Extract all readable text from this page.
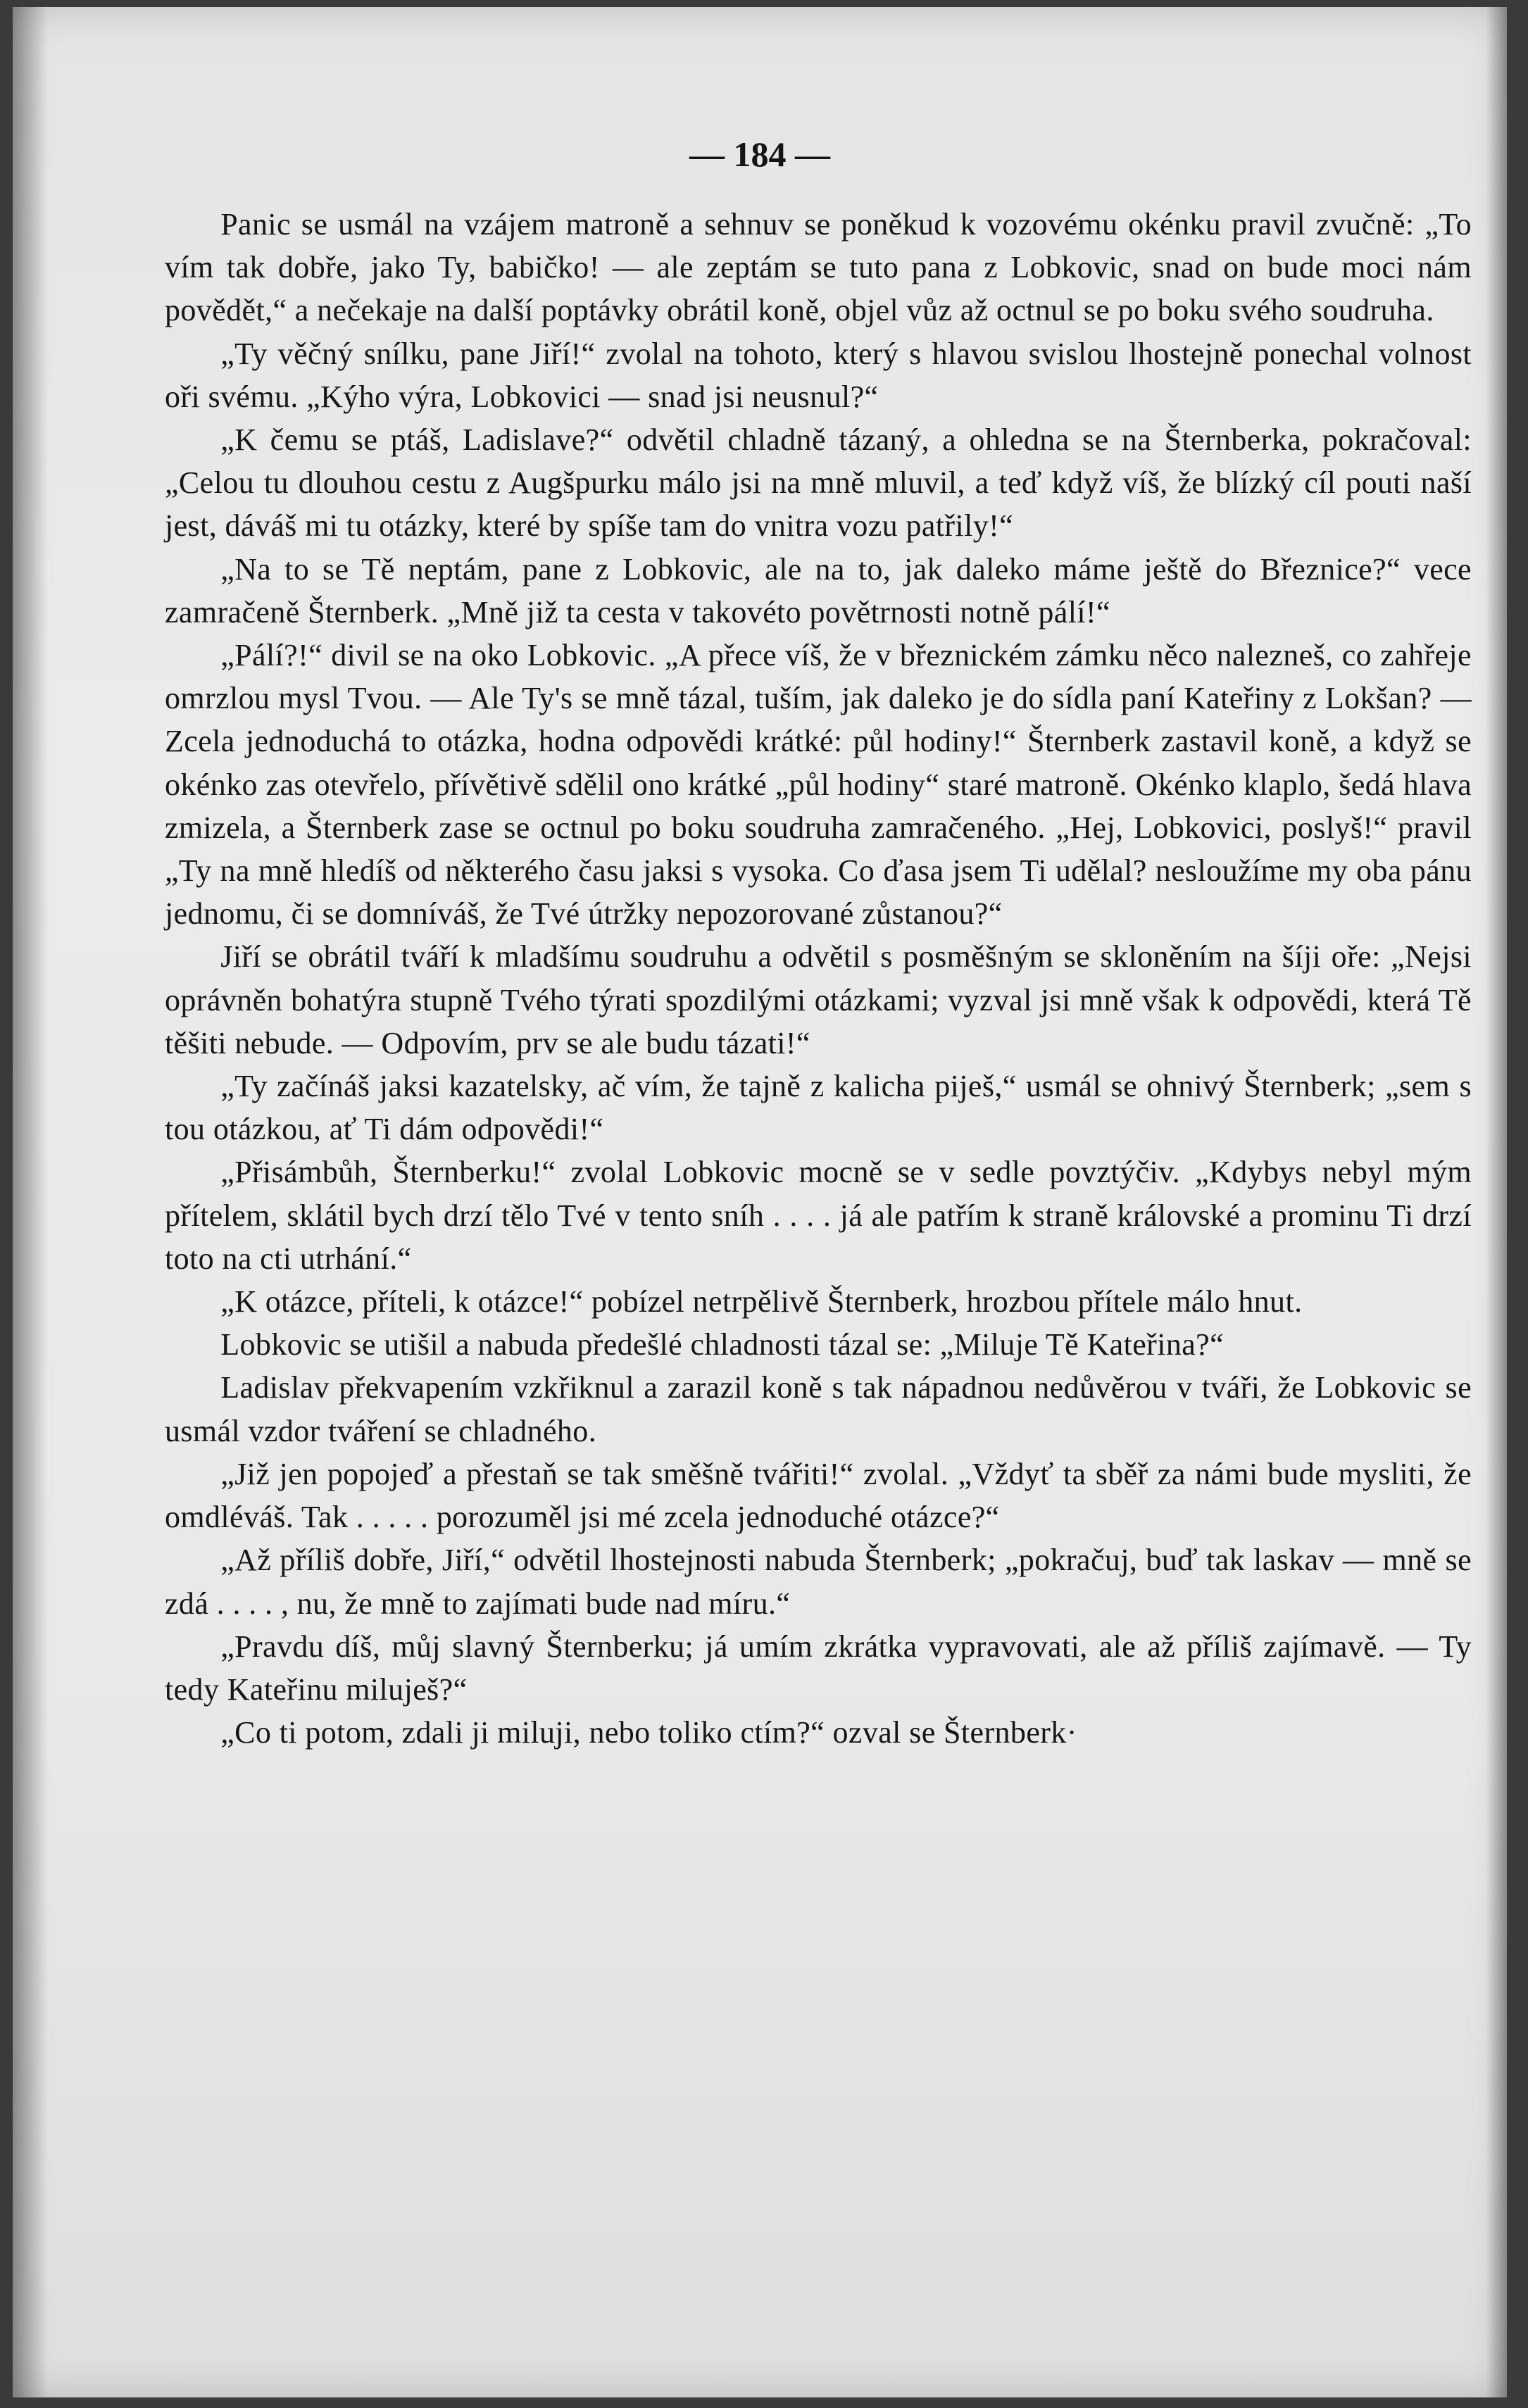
— 184 —

Panic se usmál na vzájem matroně a sehnuv se poněkud k vozovému okénku pravil zvučně: „To vím tak dobře, jako Ty, babičko! — ale zeptám se tuto pana z Lobkovic, snad on bude moci nám povědět,“ a nečekaje na další poptávky obrátil koně, objel vůz až octnul se po boku svého soudruha.

„Ty věčný snílku, pane Jiří!“ zvolal na tohoto, který s hlavou svislou lhostejně ponechal volnost oři svému. „Kýho výra, Lobkovici — snad jsi neusnul?“

„K čemu se ptáš, Ladislave?“ odvětil chladně tázaný, a ohledna se na Šternberka, pokračoval: „Celou tu dlouhou cestu z Augšpurku málo jsi na mně mluvil, a teď když víš, že blízký cíl pouti naší jest, dáváš mi tu otázky, které by spíše tam do vnitra vozu patřily!“

„Na to se Tě neptám, pane z Lobkovic, ale na to, jak daleko máme ještě do Březnice?“ vece zamračeně Šternberk. „Mně již ta cesta v takovéto povětrnosti notně pálí!“

„Pálí?!“ divil se na oko Lobkovic. „A přece víš, že v březnickém zámku něco nalezneš, co zahřeje omrzlou mysl Tvou. — Ale Ty's se mně tázal, tuším, jak daleko je do sídla paní Kateřiny z Lokšan? — Zcela jednoduchá to otázka, hodna odpovědi krátké: půl hodiny!“ Šternberk zastavil koně, a když se okénko zas otevřelo, přívětivě sdělil ono krátké „půl hodiny“ staré matroně. Okénko klaplo, šedá hlava zmizela, a Šternberk zase se octnul po boku soudruha zamračeného. „Hej, Lobkovici, poslyš!“ pravil „Ty na mně hledíš od některého času jaksi s vysoka. Co ďasa jsem Ti udělal? nesloužíme my oba pánu jednomu, či se domníváš, že Tvé útržky nepozorované zůstanou?“

Jiří se obrátil tváří k mladšímu soudruhu a odvětil s posměšným se skloněním na šíji oře: „Nejsi oprávněn bohatýra stupně Tvého týrati spozdilými otázkami; vyzval jsi mně však k odpovědi, která Tě těšiti nebude. — Odpovím, prv se ale budu tázati!“

„Ty začínáš jaksi kazatelsky, ač vím, že tajně z kalicha piješ,“ usmál se ohnivý Šternberk; „sem s tou otázkou, ať Ti dám odpovědi!“

„Přisámbůh, Šternberku!“ zvolal Lobkovic mocně se v sedle povztýčiv. „Kdybys nebyl mým přítelem, sklátil bych drzí tělo Tvé v tento sníh . . . . já ale patřím k straně královské a prominu Ti drzí toto na cti utrhání.“

„K otázce, příteli, k otázce!“ pobízel netrpělivě Šternberk, hrozbou přítele málo hnut.

Lobkovic se utišil a nabuda předešlé chladnosti tázal se: „Miluje Tě Kateřina?“

Ladislav překvapením vzkřiknul a zarazil koně s tak nápadnou nedůvěrou v tváři, že Lobkovic se usmál vzdor tváření se chladného.

„Již jen popojeď a přestaň se tak směšně tvářiti!“ zvolal. „Vždyť ta sběř za námi bude mysliti, že omdléváš. Tak . . . . . porozuměl jsi mé zcela jednoduché otázce?“

„Až příliš dobře, Jiří,“ odvětil lhostejnosti nabuda Šternberk; „pokračuj, buď tak laskav — mně se zdá . . . . , nu, že mně to zajímati bude nad míru.“

„Pravdu díš, můj slavný Šternberku; já umím zkrátka vypravovati, ale až příliš zajímavě. — Ty tedy Kateřinu miluješ?“

„Co ti potom, zdali ji miluji, nebo toliko ctím?“ ozval se Šternberk·
